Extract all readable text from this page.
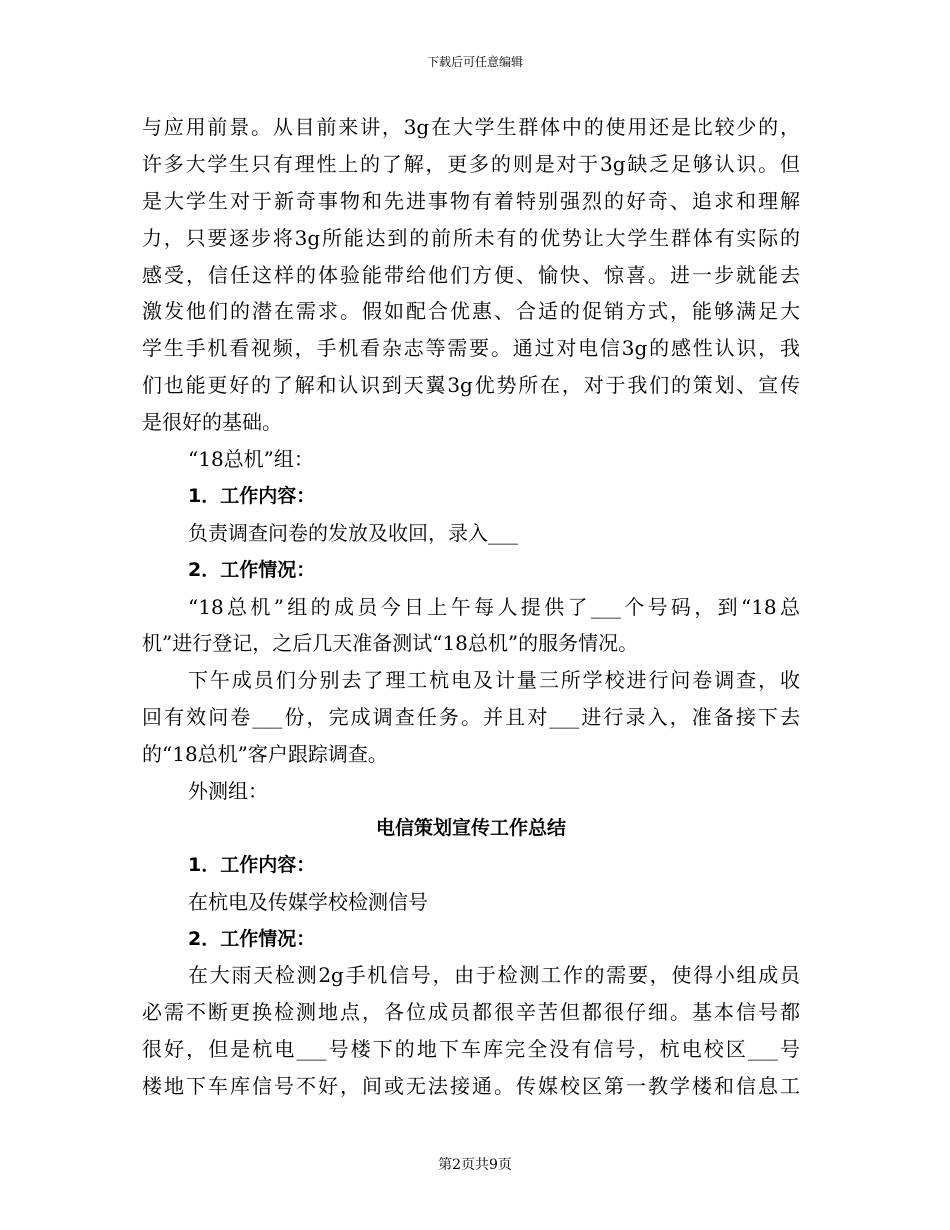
下载后可任意编辑
与应用前景。从目前来讲，3g在大学生群体中的使用还是比较少的，
许多大学生只有理性上的了解，更多的则是对于3g缺乏足够认识。但
是大学生对于新奇事物和先进事物有着特别强烈的好奇、追求和理解
力，只要逐步将3g所能达到的前所未有的优势让大学生群体有实际的
感受，信任这样的体验能带给他们方便、愉快、惊喜。进一步就能去
激发他们的潜在需求。假如配合优惠、合适的促销方式，能够满足大
学生手机看视频，手机看杂志等需要。通过对电信3g的感性认识，我
们也能更好的了解和认识到天翼3g优势所在，对于我们的策划、宣传
是很好的基础。
“18总机”组：
1．工作内容：
负责调查问卷的发放及收回，录入___
2．工作情况：
“18总机”组的成员今日上午每人提供了___个号码，到“18总
机”进行登记，之后几天准备测试“18总机”的服务情况。
下午成员们分别去了理工杭电及计量三所学校进行问卷调查，收
回有效问卷___份，完成调查任务。并且对___进行录入，准备接下去
的“18总机”客户跟踪调查。
外测组：
电信策划宣传工作总结
1．工作内容：
在杭电及传媒学校检测信号
2．工作情况：
在大雨天检测2g手机信号，由于检测工作的需要，使得小组成员
必需不断更换检测地点，各位成员都很辛苦但都很仔细。基本信号都
很好，但是杭电___号楼下的地下车库完全没有信号，杭电校区___号
楼地下车库信号不好，间或无法接通。传媒校区第一教学楼和信息工
第2页共9页
